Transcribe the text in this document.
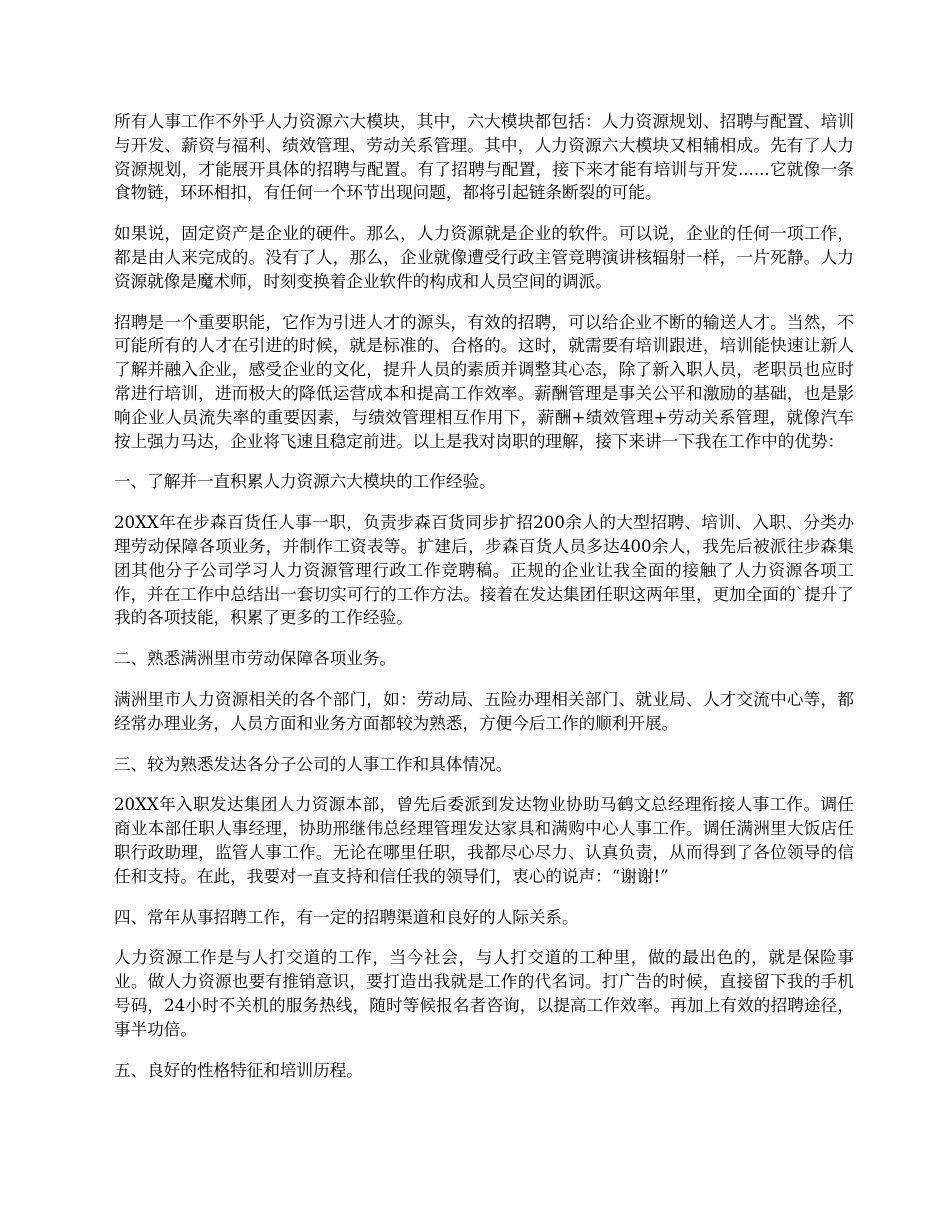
所有人事工作不外乎人力资源六大模块，其中，六大模块都包括：人力资源规划、招聘与配置、培训与开发、薪资与福利、绩效管理、劳动关系管理。其中，人力资源六大模块又相辅相成。先有了人力资源规划，才能展开具体的招聘与配置。有了招聘与配置，接下来才能有培训与开发......它就像一条食物链，环环相扣，有任何一个环节出现问题，都将引起链条断裂的可能。

如果说，固定资产是企业的硬件。那么，人力资源就是企业的软件。可以说，企业的任何一项工作，都是由人来完成的。没有了人，那么，企业就像遭受行政主管竞聘演讲核辐射一样，一片死静。人力资源就像是魔术师，时刻变换着企业软件的构成和人员空间的调派。

招聘是一个重要职能，它作为引进人才的源头，有效的招聘，可以给企业不断的输送人才。当然，不可能所有的人才在引进的时候，就是标准的、合格的。这时，就需要有培训跟进，培训能快速让新人了解并融入企业，感受企业的文化，提升人员的素质并调整其心态，除了新入职人员，老职员也应时常进行培训，进而极大的降低运营成本和提高工作效率。薪酬管理是事关公平和激励的基础，也是影响企业人员流失率的重要因素，与绩效管理相互作用下，薪酬+绩效管理+劳动关系管理，就像汽车按上强力马达，企业将飞速且稳定前进。以上是我对岗职的理解，接下来讲一下我在工作中的优势：

一、了解并一直积累人力资源六大模块的工作经验。

20XX年在步森百货任人事一职，负责步森百货同步扩招200余人的大型招聘、培训、入职、分类办理劳动保障各项业务，并制作工资表等。扩建后，步森百货人员多达400余人，我先后被派往步森集团其他分子公司学习人力资源管理行政工作竞聘稿。正规的企业让我全面的接触了人力资源各项工作，并在工作中总结出一套切实可行的工作方法。接着在发达集团任职这两年里，更加全面的`提升了我的各项技能，积累了更多的工作经验。

二、熟悉满洲里市劳动保障各项业务。

满洲里市人力资源相关的各个部门，如：劳动局、五险办理相关部门、就业局、人才交流中心等，都经常办理业务，人员方面和业务方面都较为熟悉，方便今后工作的顺利开展。

三、较为熟悉发达各分子公司的人事工作和具体情况。

20XX年入职发达集团人力资源本部，曾先后委派到发达物业协助马鹤文总经理衔接人事工作。调任商业本部任职人事经理，协助邢继伟总经理管理发达家具和满购中心人事工作。调任满洲里大饭店任职行政助理，监管人事工作。无论在哪里任职，我都尽心尽力、认真负责，从而得到了各位领导的信任和支持。在此，我要对一直支持和信任我的领导们，衷心的说声：“谢谢!”

四、常年从事招聘工作，有一定的招聘渠道和良好的人际关系。

人力资源工作是与人打交道的工作，当今社会，与人打交道的工种里，做的最出色的，就是保险事业。做人力资源也要有推销意识，要打造出我就是工作的代名词。打广告的时候，直接留下我的手机号码，24小时不关机的服务热线，随时等候报名者咨询，以提高工作效率。再加上有效的招聘途径，事半功倍。

五、良好的性格特征和培训历程。
